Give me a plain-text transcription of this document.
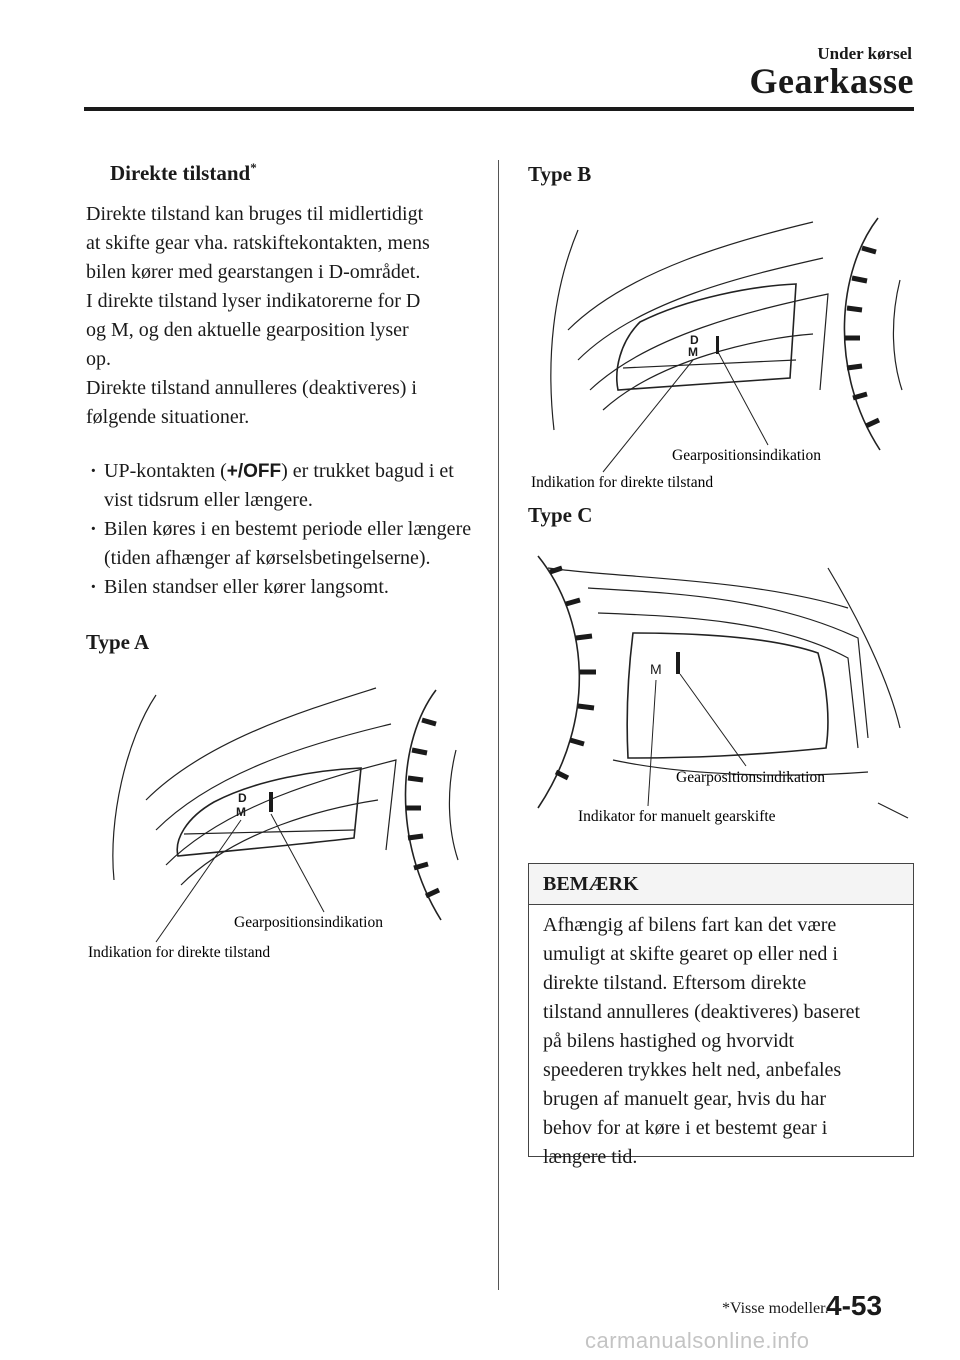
Under kørsel
Gearkasse
Direkte tilstand*

Direkte tilstand kan bruges til midlertidigt

at skifte gear vha. ratskiftekontakten, mens

bilen kører med gearstangen i D-området.

I direkte tilstand lyser indikatorerne for D

og M, og den aktuelle gearposition lyser

op.

Direkte tilstand annulleres (deaktiveres) i

følgende situationer.

· UP-kontakten (+/OFF) er trukket bagud i et vist tidsrum eller længere.
· Bilen køres i en bestemt periode eller længere (tiden afhænger af kørselsbetingelserne).
· Bilen standser eller kører langsomt.
Type A
D
M
Gearpositionsindikation
Indikation for direkte tilstand
Type B
D
M
Gearpositionsindikation
Indikation for direkte tilstand
Type C
M
Gearpositionsindikation
Indikator for manuelt gearskifte
BEMÆRK
Afhængig af bilens fart kan det være
umuligt at skifte gearet op eller ned i
direkte tilstand. Eftersom direkte
tilstand annulleres (deaktiveres) baseret
på bilens hastighed og hvorvidt
speederen trykkes helt ned, anbefales
brugen af manuelt gear, hvis du har
behov for at køre i et bestemt gear i
længere tid.
*Visse modeller.
4-53
carmanualsonline.info
